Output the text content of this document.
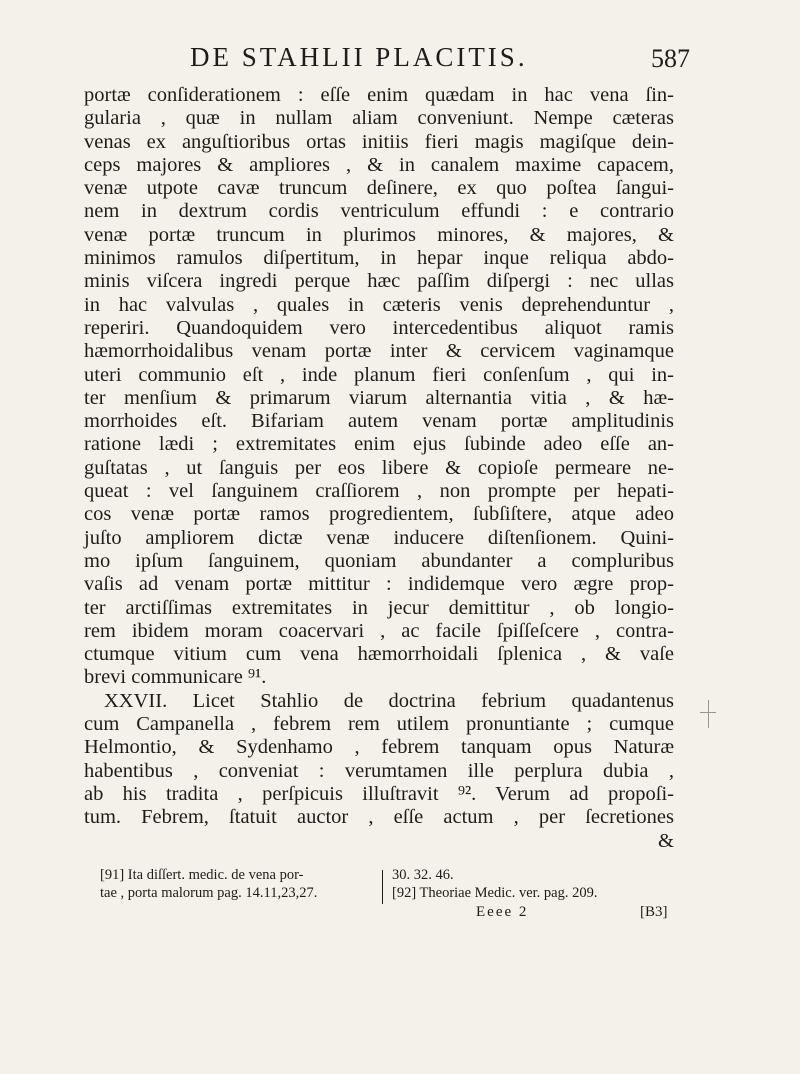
DE STAHLII PLACITIS.	587
portæ conſiderationem : eſſe enim quædam in hac vena ſin-
gularia , quæ in nullam aliam conveniunt. Nempe cæteras
venas ex anguſtioribus ortas initiis fieri magis magiſque dein-
ceps majores & ampliores , & in canalem maxime capacem,
venæ utpote cavæ truncum deſinere, ex quo poſtea ſangui-
nem in dextrum cordis ventriculum effundi : e contrario
venæ portæ truncum in plurimos minores, & majores, &
minimos ramulos diſpertitum, in hepar inque reliqua abdo-
minis viſcera ingredi perque hæc paſſim diſpergi : nec ullas
in hac valvulas , quales in cæteris venis deprehenduntur ,
reperiri. Quandoquidem vero intercedentibus aliquot ramis
hæmorrhoidalibus venam portæ inter & cervicem vaginamque
uteri communio eſt , inde planum fieri conſenſum , qui in-
ter menſium & primarum viarum alternantia vitia , & hæ-
morrhoides eſt. Bifariam autem venam portæ amplitudinis
ratione lædi ; extremitates enim ejus ſubinde adeo eſſe an-
guſtatas , ut ſanguis per eos libere & copioſe permeare ne-
queat : vel ſanguinem craſſiorem , non prompte per hepati-
cos venæ portæ ramos progredientem, ſubſiſtere, atque adeo
juſto ampliorem dictæ venæ inducere diſtenſionem. Quini-
mo ipſum ſanguinem, quoniam abundanter a compluribus
vaſis ad venam portæ mittitur : indidemque vero ægre prop-
ter arctiſſimas extremitates in jecur demittitur , ob longio-
rem ibidem moram coacervari , ac facile ſpiſſeſcere , contra-
ctumque vitium cum vena hæmorrhoidali ſplenica , & vaſe
brevi communicare ⁹¹.
XXVII. Licet Stahlio de doctrina febrium quadantenus
cum Campanella , febrem rem utilem pronuntiante ; cumque
Helmontio, & Sydenhamo , febrem tanquam opus Naturæ
habentibus , conveniat : verumtamen ille perplura dubia ,
ab his tradita , perſpicuis illuſtravit ⁹². Verum ad propoſi-
tum. Febrem, ſtatuit auctor , eſſe actum , per ſecretiones
&
[91] Ita diſſert. medic. de vena por-
tae , porta malorum pag. 14.11,23,27.
30. 32. 46.
[92] Theoriae Medic. ver. pag. 209.
Eeee 2	[B3]
